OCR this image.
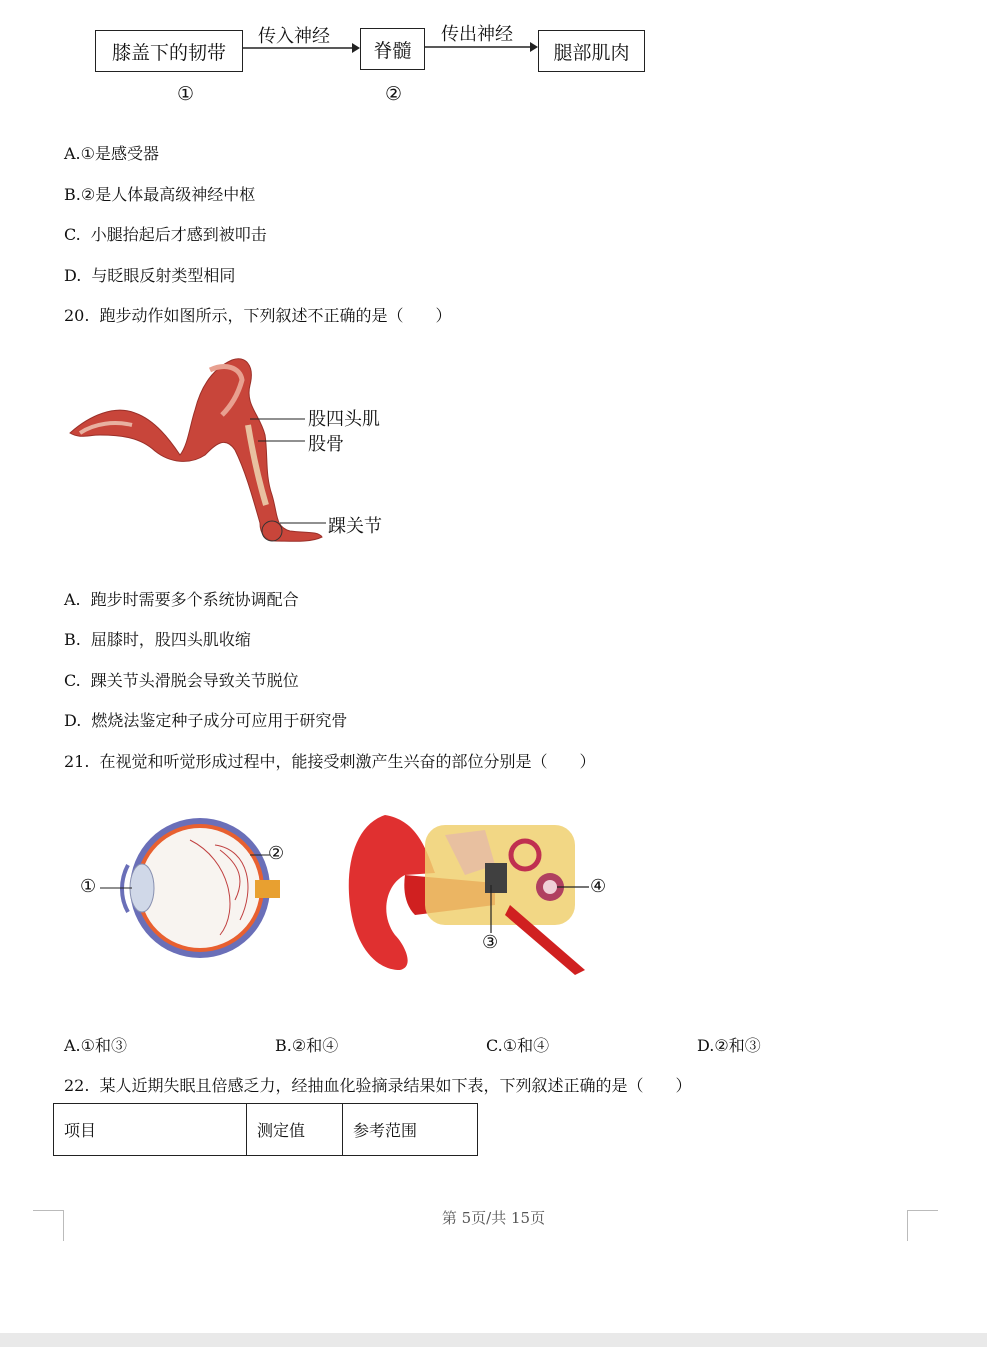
膝盖下的韧带	脊髓	腿部肌肉
传入神经	传出神经
①	②
A.①是感受器
B.②是人体最高级神经中枢
C. 小腿抬起后才感到被叩击
D. 与眨眼反射类型相同
20. 跑步动作如图所示，下列叙述不正确的是（　　）
股四头肌
股骨
踝关节
A. 跑步时需要多个系统协调配合
B. 屈膝时，股四头肌收缩
C. 踝关节头滑脱会导致关节脱位
D. 燃烧法鉴定种子成分可应用于研究骨
21. 在视觉和听觉形成过程中，能接受刺激产生兴奋的部位分别是（　　）
①
②
③
④
A.①和③	B.②和④	C.①和④	D.②和③
22. 某人近期失眠且倍感乏力，经抽血化验摘录结果如下表，下列叙述正确的是（　　）
项目	测定值	参考范围
第 5页/共 15页
